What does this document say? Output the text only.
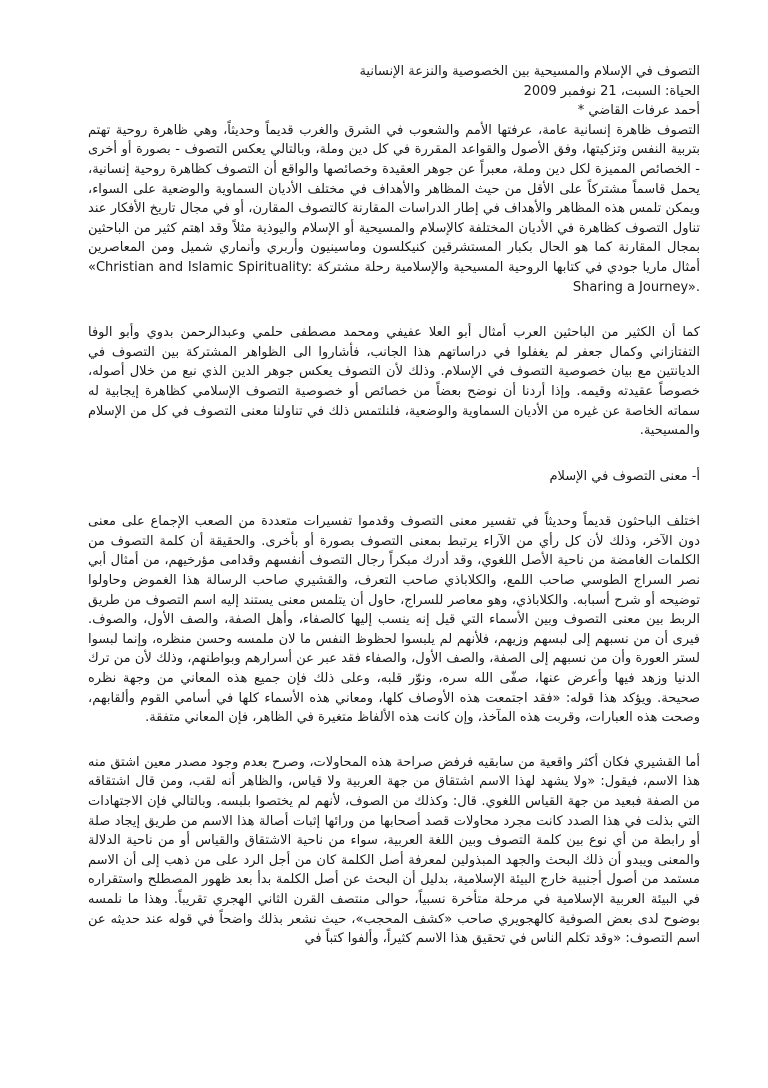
التصوف في الإسلام والمسيحية بين الخصوصية والنزعة الإنسانية

الحياة: السبت، 21 نوفمبر 2009

أحمد عرفات القاضي *

التصوف ظاهرة إنسانية عامة، عرفتها الأمم والشعوب في الشرق والغرب قديماً وحديثاً، وهي ظاهرة روحية تهتم بتربية النفس وتزكيتها، وفق الأصول والقواعد المقررة في كل دين وملة، وبالتالي يعكس التصوف - بصورة أو أخرى - الخصائص المميزة لكل دين وملة، معبراً عن جوهر العقيدة وخصائصها والواقع أن التصوف كظاهرة روحية إنسانية، يحمل قاسماً مشتركاً على الأقل من حيث المظاهر والأهداف في مختلف الأديان السماوية والوضعية على السواء، ويمكن تلمس هذه المظاهر والأهداف في إطار الدراسات المقارنة كالتصوف المقارن، أو في مجال تاريخ الأفكار عند تناول التصوف كظاهرة في الأديان المختلفة كالإسلام والمسيحية أو الإسلام واليوذية مثلاً وقد اهتم كثير من الباحثين بمجال المقارنة كما هو الحال بكبار المستشرقين كنيكلسون وماسينيون وأربري وأنماري شميل ومن المعاصرين أمثال ماريا جودي في كتابها الروحية المسيحية والإسلامية رحلة مشتركة «Christian and Islamic Spirituality: Sharing a Journey».

كما أن الكثير من الباحثين العرب أمثال أبو العلا عفيفي ومحمد مصطفى حلمي وعبدالرحمن بدوي وأبو الوفا التفتازاني وكمال جعفر لم يغفلوا في دراساتهم هذا الجانب، فأشاروا الى الظواهر المشتركة بين التصوف في الديانتين مع بيان خصوصية التصوف في الإسلام. وذلك لأن التصوف يعكس جوهر الدين الذي نبع من خلال أصوله، خصوصاً عقيدته وقيمه. وإذا أردنا أن نوضح بعضاً من خصائص أو خصوصية التصوف الإسلامي كظاهرة إيجابية له سماته الخاصة عن غيره من الأديان السماوية والوضعية، فلنلتمس ذلك في تناولنا معنى التصوف في كل من الإسلام والمسيحية.

أ- معنى التصوف في الإسلام

اختلف الباحثون قديماً وحديثاً في تفسير معنى التصوف وقدموا تفسيرات متعددة من الصعب الإجماع على معنى دون الآخر، وذلك لأن كل رأي من الآراء يرتبط بمعنى التصوف بصورة أو بأخرى. والحقيقة أن كلمة التصوف من الكلمات الغامضة من ناحية الأصل اللغوي، وقد أدرك مبكراً رجال التصوف أنفسهم وقدامى مؤرخيهم، من أمثال أبي نصر السراج الطوسي صاحب اللمع، والكلاباذي صاحب التعرف، والقشيري صاحب الرسالة هذا الغموض وحاولوا توضيحه أو شرح أسبابه. والكلاباذي، وهو معاصر للسراج، حاول أن يتلمس معنى يستند إليه اسم التصوف من طريق الربط بين معنى التصوف وبين الأسماء التي قيل إنه ينسب إليها كالصفاء، وأهل الصفة، والصف الأول، والصوف. فيرى أن من نسبهم إلى لبسهم وزيهم، فلأنهم لم يلبسوا لحظوظ النفس ما لان ملمسه وحسن منظره، وإنما لبسوا لستر العورة وأن من نسبهم إلى الصفة، والصف الأول، والصفاء فقد عبر عن أسرارهم وبواطنهم، وذلك لأن من ترك الدنيا وزهد فيها وأعرض عنها، صفّى الله سره، ونوّر قلبه، وعلى ذلك فإن جميع هذه المعاني من وجهة نظره صحيحة. ويؤكد هذا قوله: «فقد اجتمعت هذه الأوصاف كلها، ومعاني هذه الأسماء كلها في أسامي القوم وألقابهم، وصحت هذه العبارات، وقربت هذه المآخذ، وإن كانت هذه الألفاظ متغيرة في الظاهر، فإن المعاني متفقة.

أما القشيري فكان أكثر واقعية من سابقيه فرفض صراحة هذه المحاولات، وصرح بعدم وجود مصدر معين اشتق منه هذا الاسم، فيقول: «ولا يشهد لهذا الاسم اشتقاق من جهة العربية ولا قياس، والظاهر أنه لقب، ومن قال اشتقاقه من الصفة فبعيد من جهة القياس اللغوي. قال: وكذلك من الصوف، لأنهم لم يختصوا بلبسه. وبالتالي فإن الاجتهادات التي بذلت في هذا الصدد كانت مجرد محاولات قصد أصحابها من ورائها إثبات أصالة هذا الاسم من طريق إيجاد صلة أو رابطة من أي نوع بين كلمة التصوف وبين اللغة العربية، سواء من ناحية الاشتقاق والقياس أو من ناحية الدلالة والمعنى ويبدو أن ذلك البحث والجهد المبذولين لمعرفة أصل الكلمة كان من أجل الرد على من ذهب إلى أن الاسم مستمد من أصول أجنبية خارج البيئة الإسلامية، بدليل أن البحث عن أصل الكلمة بدأ بعد ظهور المصطلح واستقراره في البيئة العربية الإسلامية في مرحلة متأخرة نسبياً، حوالى منتصف القرن الثاني الهجري تقريباً. وهذا ما نلمسه بوضوح لدى بعض الصوفية كالهجويري صاحب «كشف المحجب»، حيث نشعر بذلك واضحاً في قوله عند حديثه عن اسم التصوف: «وقد تكلم الناس في تحقيق هذا الاسم كثيراً، وألفوا كتباً في
